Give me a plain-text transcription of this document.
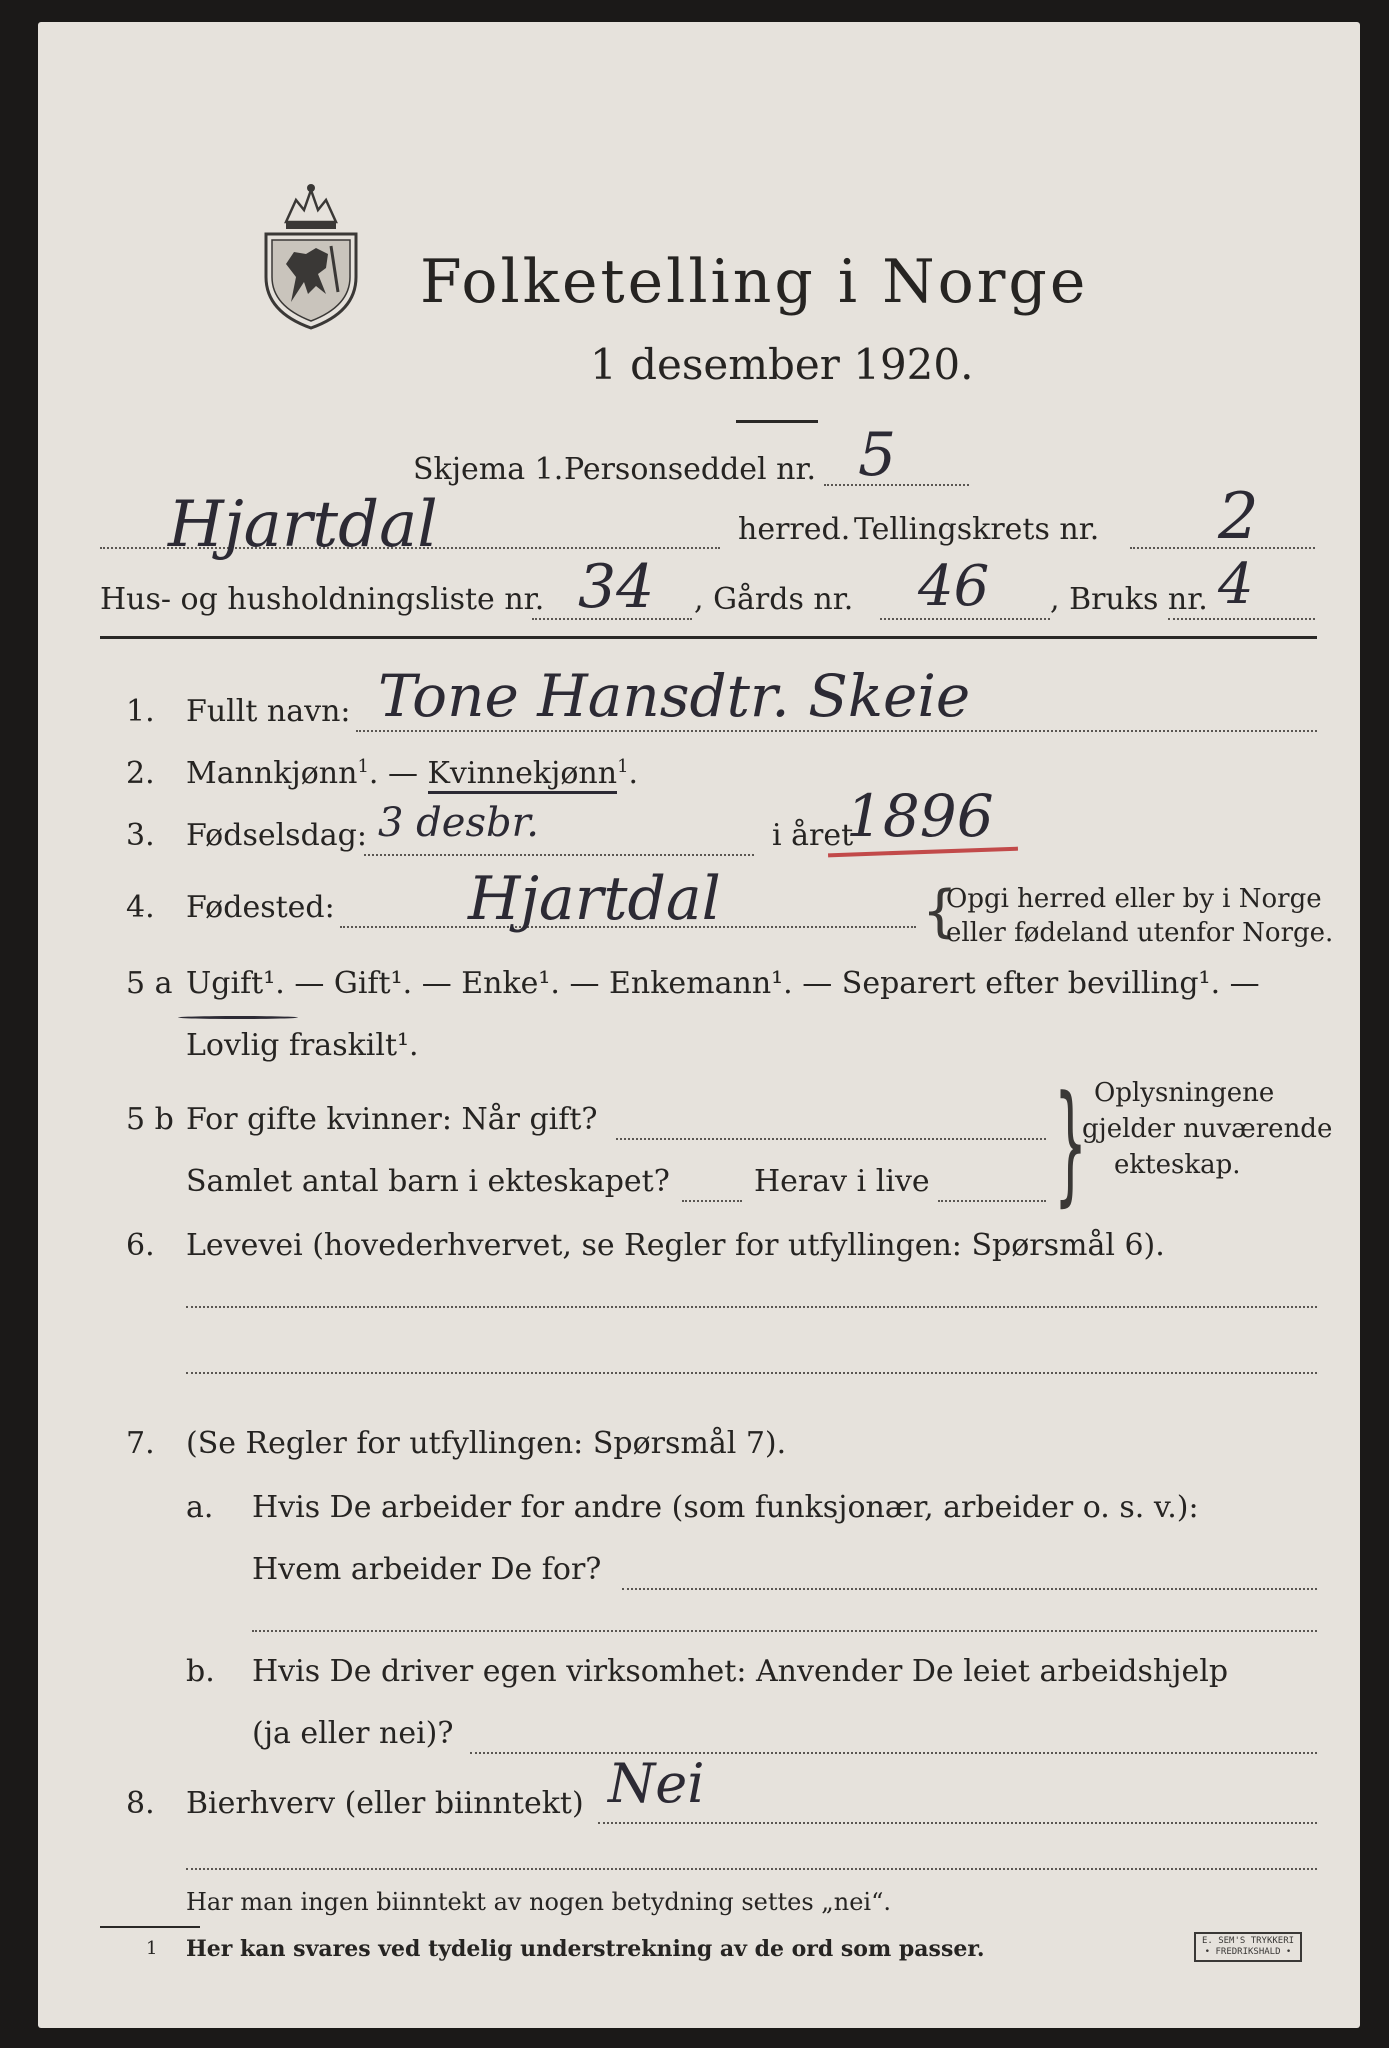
Folketelling i Norge
1 desember 1920.
Skjema 1. Personseddel nr. 5
Hjartdal	herred. Tellingskrets nr. 2
Hus- og husholdningsliste nr. 34 , Gårds nr. 46 , Bruks nr. 4
1. Fullt navn: Tone Hansdtr. Skeie
2. Mannkjønn$^1$. — Kvinnekjønn$^1$.
3. Fødselsdag: 3 desbr.	i året
1896
4. Fødested: Hjartdal	{
Opgi herred eller by i Norge
eller fødeland utenfor Norge.
5 a Ugift¹. — Gift¹. — Enke¹. — Enkemann¹. — Separert efter bevilling¹. —
Lovlig fraskilt¹.
5 b For gifte kvinner: Når gift?
Samlet antal barn i ekteskapet?	Herav i live } Oplysningene
gjelder nuværende
ekteskap.
6. Levevei (hovederhvervet, se Regler for utfyllingen: Spørsmål 6).
7. (Se Regler for utfyllingen: Spørsmål 7).
a. Hvis De arbeider for andre (som funksjonær, arbeider o. s. v.):
Hvem arbeider De for?
b. Hvis De driver egen virksomhet: Anvender De leiet arbeidshjelp
(ja eller nei)?
8. Bierhverv (eller biinntekt) Nei
Har man ingen biinntekt av nogen betydning settes „nei“.
1 Her kan svares ved tydelig understrekning av de ord som passer.	E. SEM'S TRYKKERI • FREDRIKSHALD •
